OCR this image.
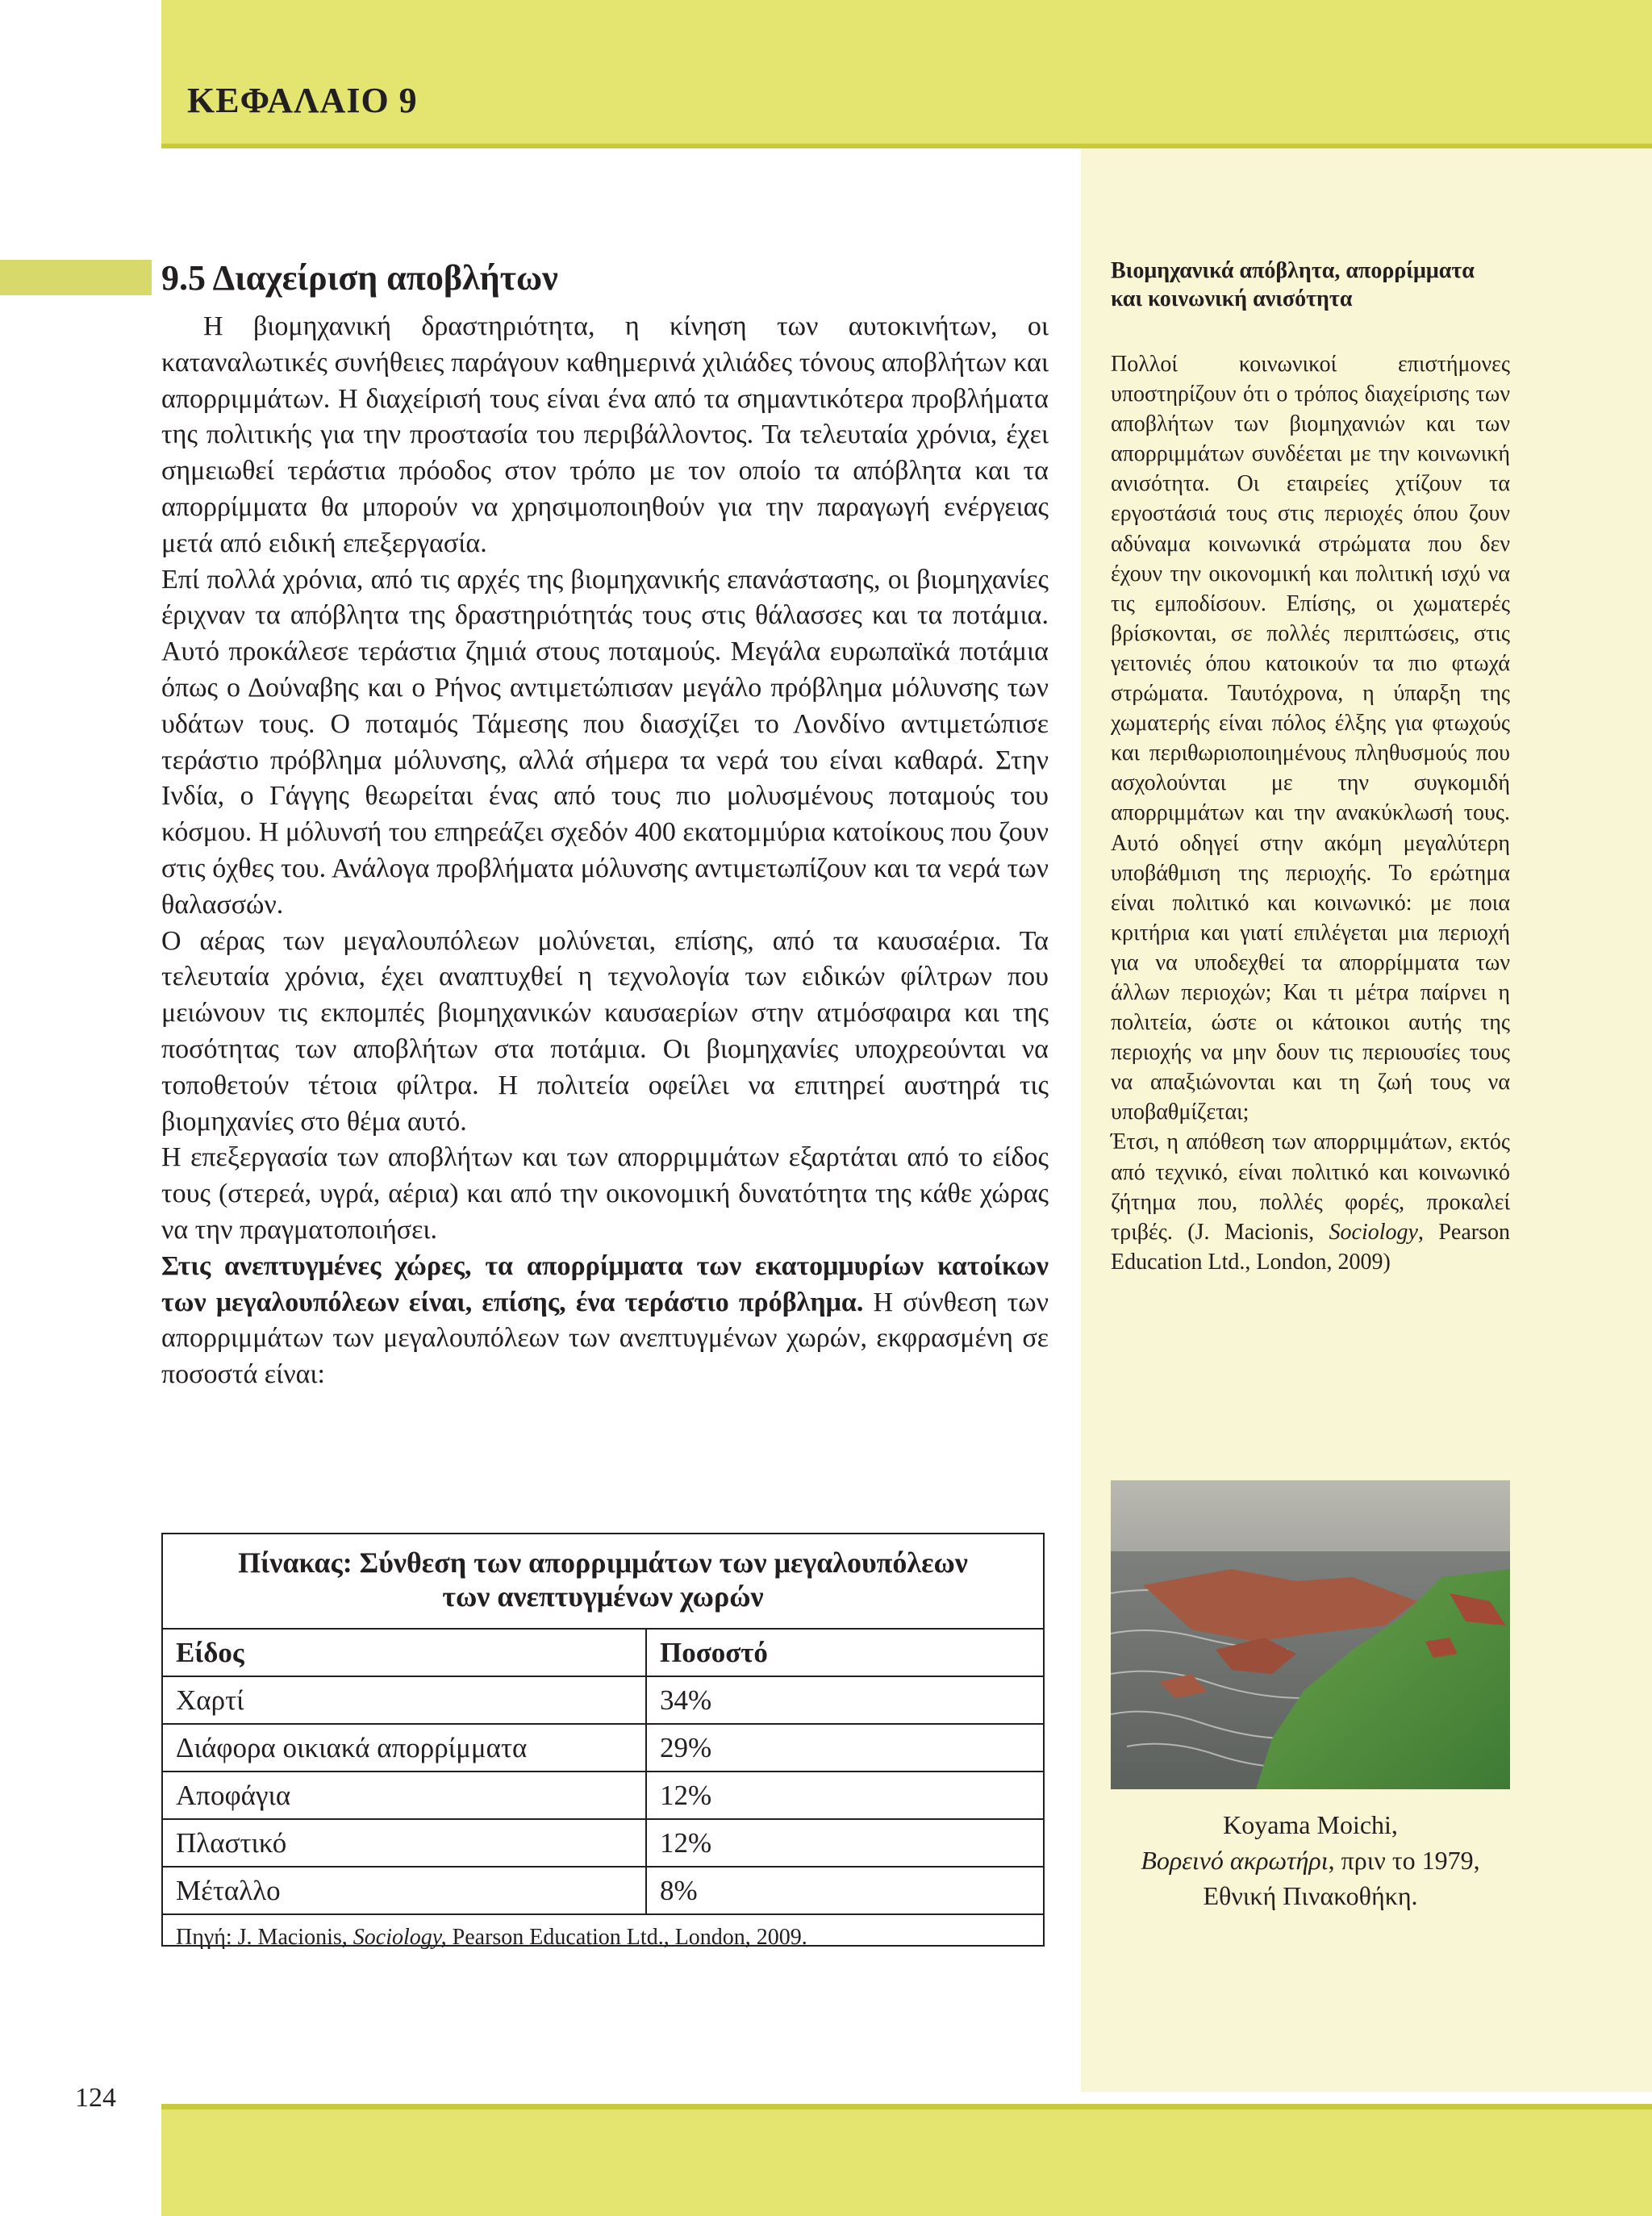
ΚΕΦΑΛΑΙΟ 9
9.5 Διαχείριση αποβλήτων

Η βιομηχανική δραστηριότητα, η κίνηση των αυτοκινήτων, οι καταναλωτικές συνήθειες παράγουν καθημερινά χιλιάδες τόνους αποβλήτων και απορριμμάτων. Η διαχείρισή τους είναι ένα από τα σημαντικότερα προβλήματα της πολιτικής για την προστασία του περιβάλλοντος. Τα τελευταία χρόνια, έχει σημειωθεί τεράστια πρόοδος στον τρόπο με τον οποίο τα απόβλητα και τα απορρίμματα θα μπορούν να χρησιμοποιηθούν για την παραγωγή ενέργειας μετά από ειδική επεξεργασία.

Επί πολλά χρόνια, από τις αρχές της βιομηχανικής επανάστασης, οι βιομηχανίες έριχναν τα απόβλητα της δραστηριότητάς τους στις θάλασσες και τα ποτάμια. Αυτό προκάλεσε τεράστια ζημιά στους ποταμούς. Μεγάλα ευρωπαϊκά ποτάμια όπως ο Δούναβης και ο Ρήνος αντιμετώπισαν μεγάλο πρόβλημα μόλυνσης των υδάτων τους. Ο ποταμός Τάμεσης που διασχίζει το Λονδίνο αντιμετώπισε τεράστιο πρόβλημα μόλυνσης, αλλά σήμερα τα νερά του είναι καθαρά. Στην Ινδία, ο Γάγγης θεωρείται ένας από τους πιο μολυσμένους ποταμούς του κόσμου. Η μόλυνσή του επηρεάζει σχεδόν 400 εκατομμύρια κατοίκους που ζουν στις όχθες του. Ανάλογα προβλήματα μόλυνσης αντιμετωπίζουν και τα νερά των θαλασσών.

Ο αέρας των μεγαλουπόλεων μολύνεται, επίσης, από τα καυσαέρια. Τα τελευταία χρόνια, έχει αναπτυχθεί η τεχνολογία των ειδικών φίλτρων που μειώνουν τις εκπομπές βιομηχανικών καυσαερίων στην ατμόσφαιρα και της ποσότητας των αποβλήτων στα ποτάμια. Οι βιομηχανίες υποχρεούνται να τοποθετούν τέτοια φίλτρα. Η πολιτεία οφείλει να επιτηρεί αυστηρά τις βιομηχανίες στο θέμα αυτό.

Η επεξεργασία των αποβλήτων και των απορριμμάτων εξαρτάται από το είδος τους (στερεά, υγρά, αέρια) και από την οικονομική δυνατότητα της κάθε χώρας να την πραγματοποιήσει.

Στις ανεπτυγμένες χώρες, τα απορρίμματα των εκατομμυρίων κατοίκων των μεγαλουπόλεων είναι, επίσης, ένα τεράστιο πρόβλημα. Η σύνθεση των απορριμμάτων των μεγαλουπόλεων των ανεπτυγμένων χωρών, εκφρασμένη σε ποσοστά είναι:

Πίνακας: Σύνθεση των απορριμμάτων των μεγαλουπόλεων
των ανεπτυγμένων χωρών
Είδος	Ποσοστό
Χαρτί	34%
Διάφορα οικιακά απορρίμματα	29%
Αποφάγια	12%
Πλαστικό	12%
Μέταλλο	8%
Πηγή: J. Macionis, Sociology, Pearson Education Ltd., London, 2009.
Βιομηχανικά απόβλητα, απορρίμματα και κοινωνική ανισότητα

Πολλοί κοινωνικοί επιστήμονες υποστηρίζουν ότι ο τρόπος διαχείρισης των αποβλήτων των βιομηχανιών και των απορριμμάτων συνδέεται με την κοινωνική ανισότητα. Οι εταιρείες χτίζουν τα εργοστάσιά τους στις περιοχές όπου ζουν αδύναμα κοινωνικά στρώματα που δεν έχουν την οικονομική και πολιτική ισχύ να τις εμποδίσουν. Επίσης, οι χωματερές βρίσκονται, σε πολλές περιπτώσεις, στις γειτονιές όπου κατοικούν τα πιο φτωχά στρώματα. Ταυτόχρονα, η ύπαρξη της χωματερής είναι πόλος έλξης για φτωχούς και περιθωριοποιημένους πληθυσμούς που ασχολούνται με την συγκομιδή απορριμμάτων και την ανακύκλωσή τους. Αυτό οδηγεί στην ακόμη μεγαλύτερη υποβάθμιση της περιοχής. Το ερώτημα είναι πολιτικό και κοινωνικό: με ποια κριτήρια και γιατί επιλέγεται μια περιοχή για να υποδεχθεί τα απορρίμματα των άλλων περιοχών; Και τι μέτρα παίρνει η πολιτεία, ώστε οι κάτοικοι αυτής της περιοχής να μην δουν τις περιουσίες τους να απαξιώνονται και τη ζωή τους να υποβαθμίζεται;
Έτσι, η απόθεση των απορριμμάτων, εκτός από τεχνικό, είναι πολιτικό και κοινωνικό ζήτημα που, πολλές φορές, προκαλεί τριβές. (J. Macionis, Sociology, Pearson Education Ltd., London, 2009)

Koyama Moichi,
Βορεινό ακρωτήρι, πριν το 1979,
Εθνική Πινακοθήκη.
124
